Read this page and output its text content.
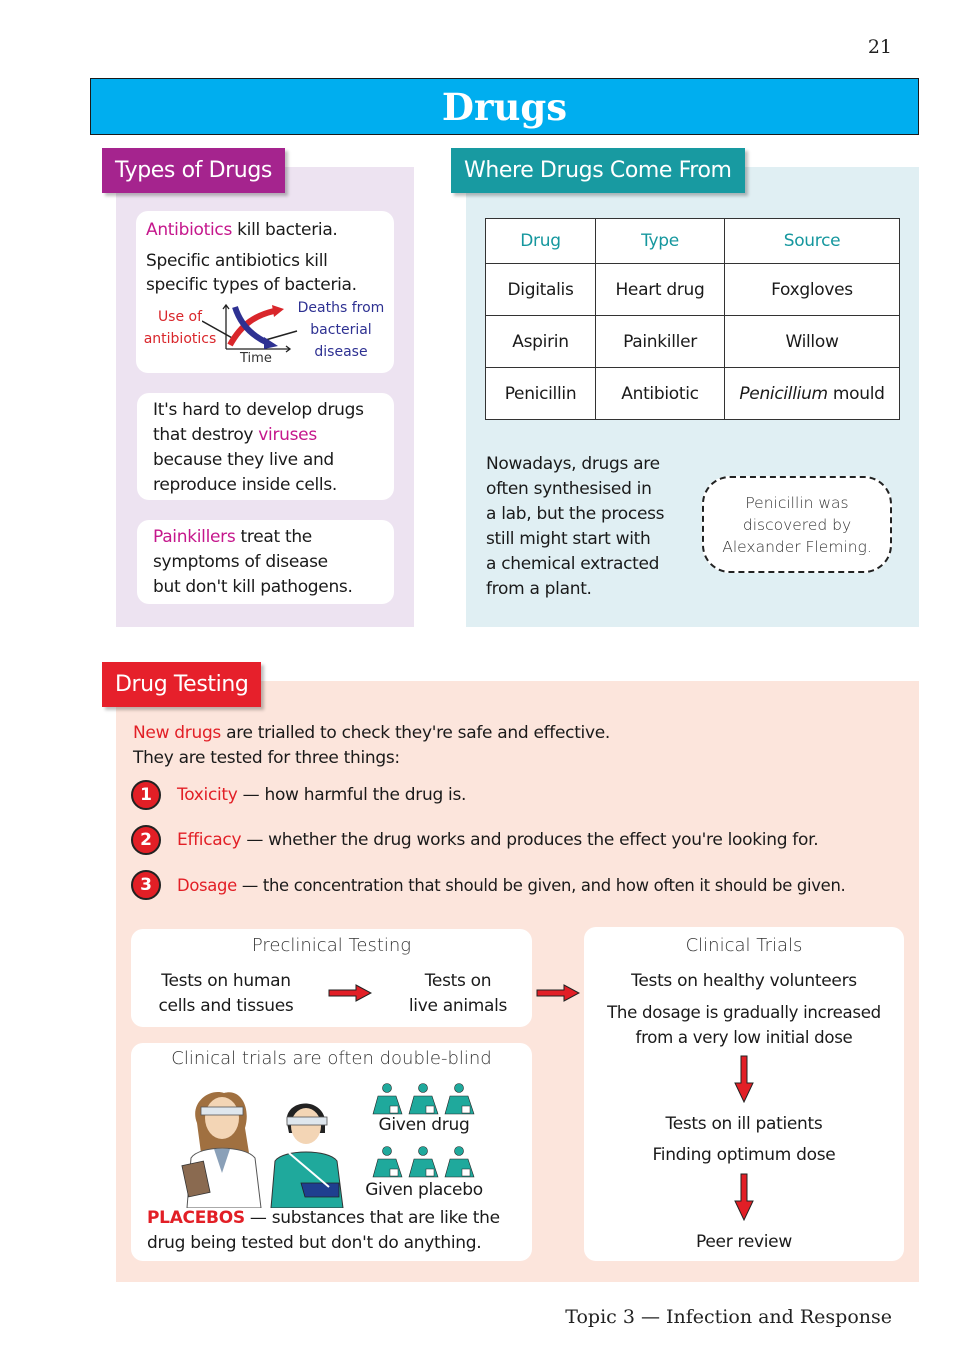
21
Drugs
Types of Drugs	Where Drugs Come From
Drug Testing
Antibiotics kill bacteria.
Specific antibiotics kill
specific types of bacteria.
Use of
antibiotics
Deaths from
bacterial
disease
Time
It's hard to develop drugs
that destroy viruses
because they live and
reproduce inside cells.
Painkillers treat the
symptoms of disease
but don't kill pathogens.
Drug	Type	Source
Digitalis	Heart drug	Foxgloves
Aspirin	Painkiller	Willow
Penicillin	Antibiotic	Penicillium mould
Nowadays, drugs are
often synthesised in
a lab, but the process
still might start with
a chemical extracted
from a plant.
Penicillin was
discovered by
Alexander Fleming.
New drugs are trialled to check they're safe and effective.
They are tested for three things:
1	Toxicity — how harmful the drug is.
2	Efficacy — whether the drug works and produces the effect you're looking for.
3	Dosage — the concentration that should be given, and how often it should be given.
Preclinical Testing
Tests on human
cells and tissues
Tests on
live animals
Clinical trials are often double-blind
Given drug
Given placebo
PLACEBOS — substances that are like the
drug being tested but don't do anything.
Clinical Trials
Tests on healthy volunteers
The dosage is gradually increased
from a very low initial dose
Tests on ill patients
Finding optimum dose
Peer review
Topic 3 — Infection and Response
